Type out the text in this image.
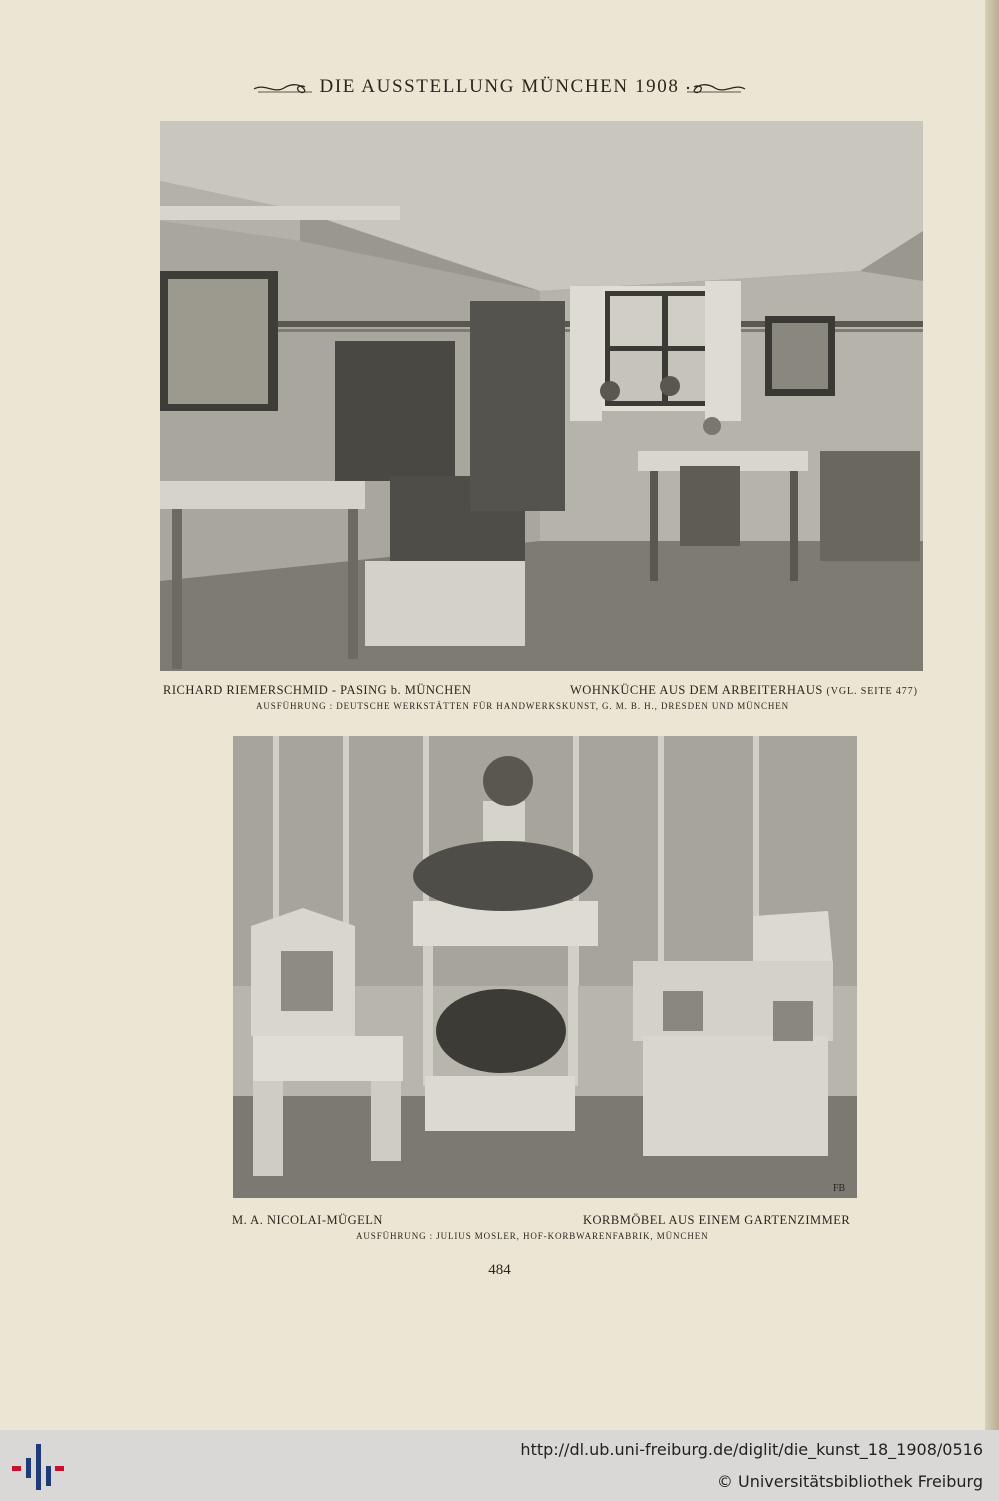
DIE AUSSTELLUNG MÜNCHEN 1908
RICHARD RIEMERSCHMID - PASING b. MÜNCHEN	WOHNKÜCHE AUS DEM ARBEITERHAUS (VGL. SEITE 477)
AUSFÜHRUNG : DEUTSCHE WERKSTÄTTEN FÜR HANDWERKSKUNST, G. M. B. H., DRESDEN UND MÜNCHEN
FB
M. A. NICOLAI-MÜGELN	KORBMÖBEL AUS EINEM GARTENZIMMER
AUSFÜHRUNG : JULIUS MOSLER, HOF-KORBWARENFABRIK, MÜNCHEN
484
http://dl.ub.uni-freiburg.de/diglit/die_kunst_18_1908/0516
© Universitätsbibliothek Freiburg
